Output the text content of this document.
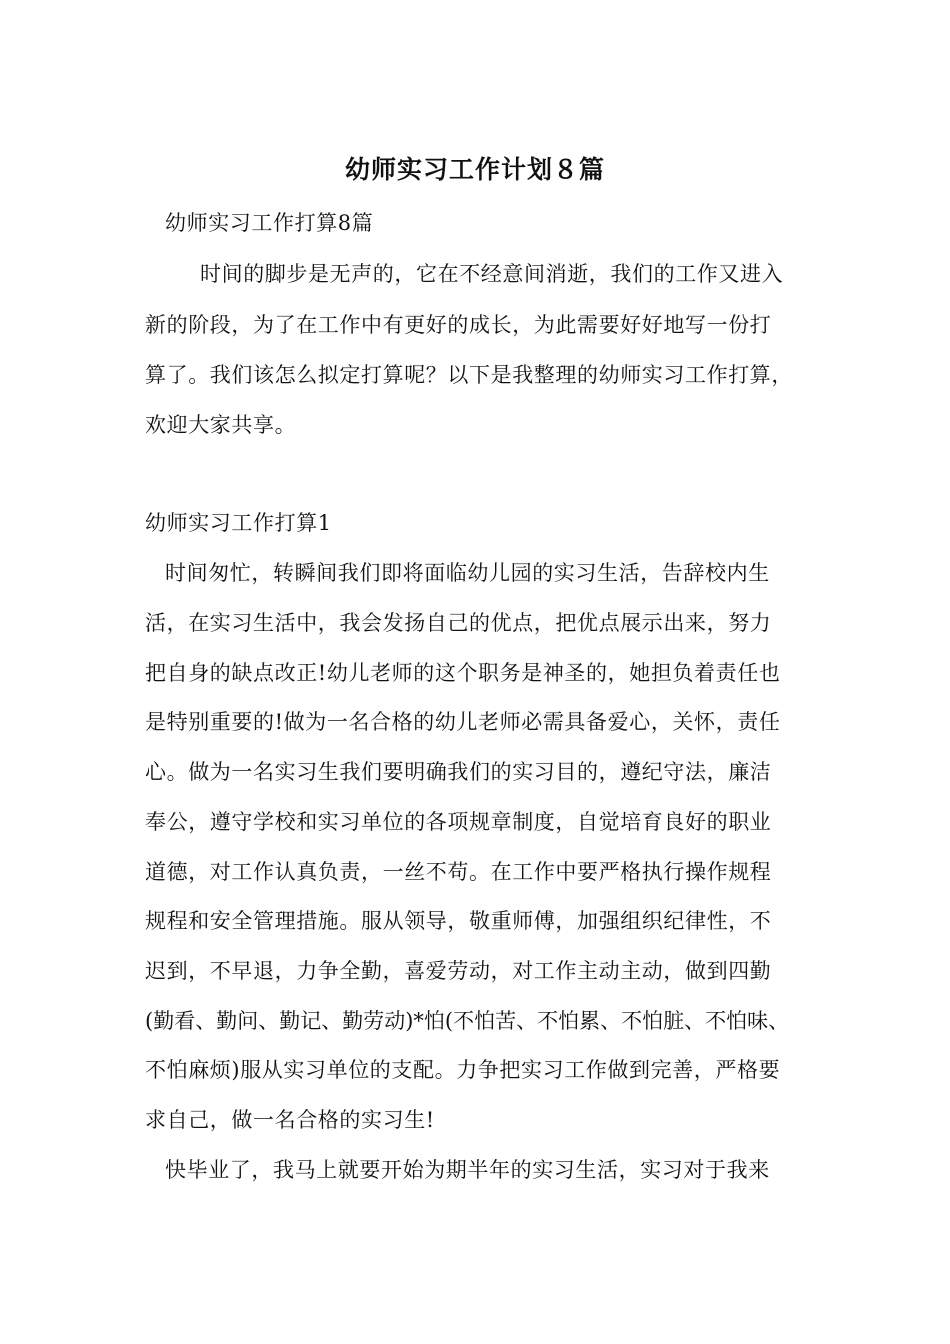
幼师实习工作计划８篇
幼师实习工作打算8篇
时间的脚步是无声的，它在不经意间消逝，我们的工作又进入
新的阶段，为了在工作中有更好的成长，为此需要好好地写一份打
算了。我们该怎么拟定打算呢？以下是我整理的幼师实习工作打算，
欢迎大家共享。
幼师实习工作打算1
时间匆忙，转瞬间我们即将面临幼儿园的实习生活，告辞校内生
活，在实习生活中，我会发扬自己的优点，把优点展示出来，努力
把自身的缺点改正!幼儿老师的这个职务是神圣的，她担负着责任也
是特别重要的!做为一名合格的幼儿老师必需具备爱心，关怀，责任
心。做为一名实习生我们要明确我们的实习目的，遵纪守法，廉洁
奉公，遵守学校和实习单位的各项规章制度，自觉培育良好的职业
道德，对工作认真负责，一丝不苟。在工作中要严格执行操作规程
规程和安全管理措施。服从领导，敬重师傅，加强组织纪律性，不
迟到，不早退，力争全勤，喜爱劳动，对工作主动主动，做到四勤
(勤看、勤问、勤记、勤劳动)*怕(不怕苦、不怕累、不怕脏、不怕味、
不怕麻烦)服从实习单位的支配。力争把实习工作做到完善，严格要
求自己，做一名合格的实习生!
快毕业了，我马上就要开始为期半年的实习生活，实习对于我来
